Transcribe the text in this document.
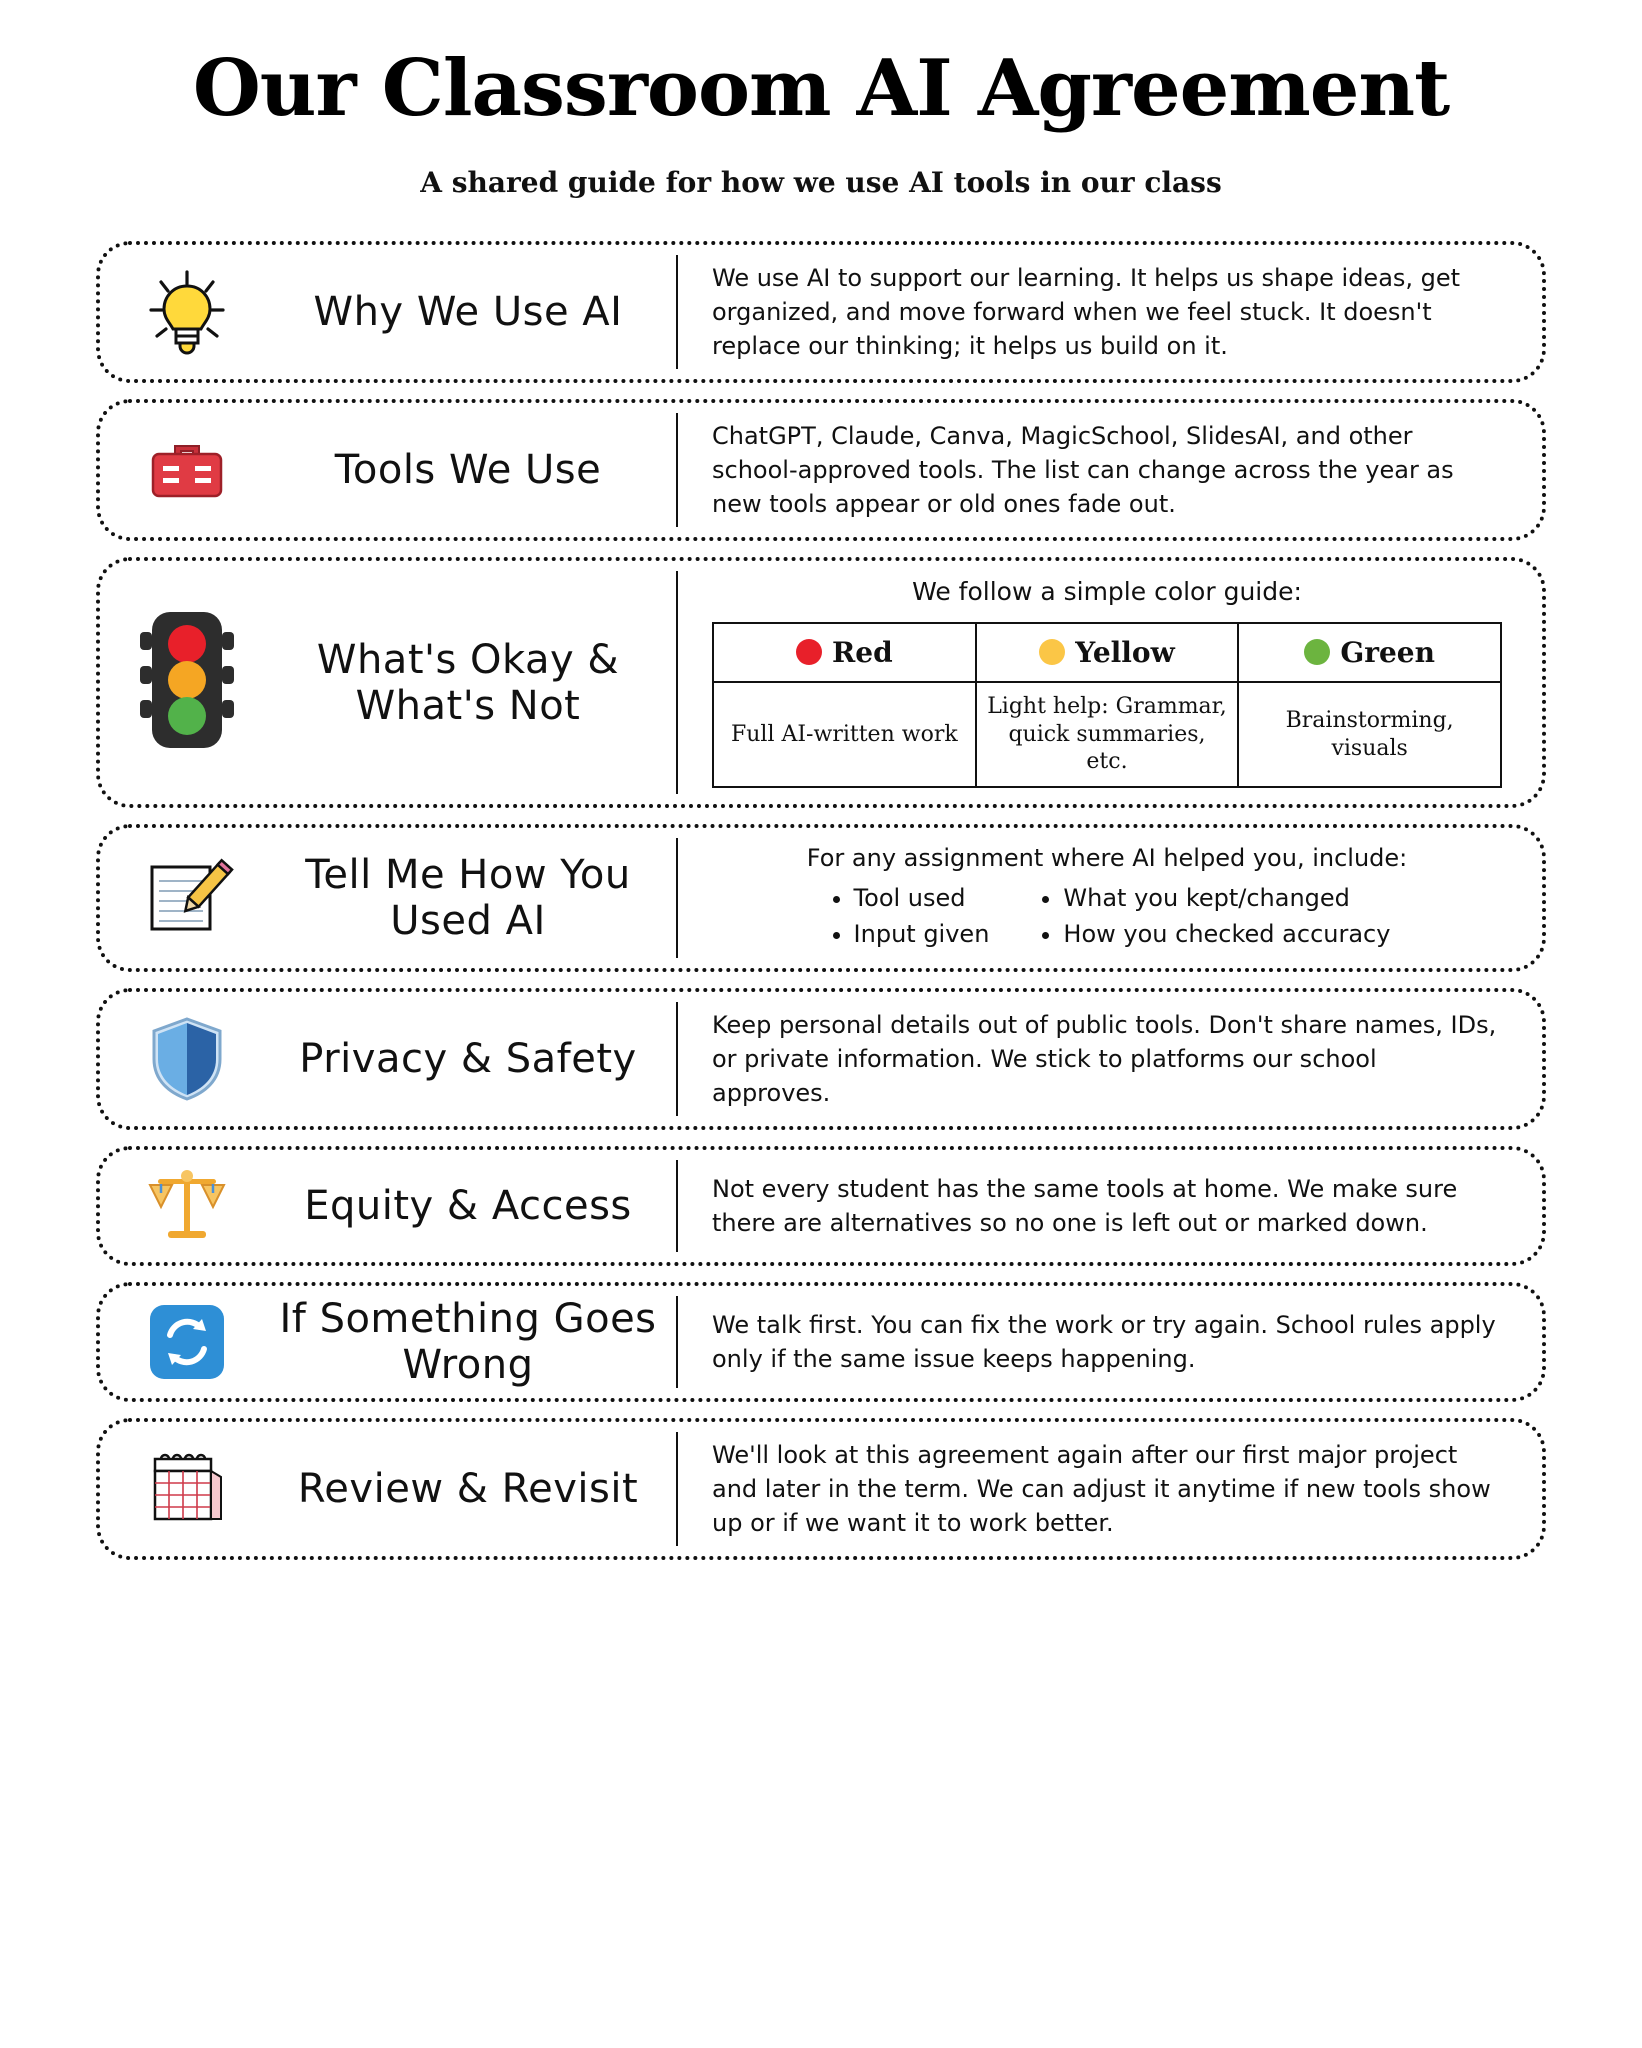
Our Classroom AI Agreement

A shared guide for how we use AI tools in our class

Why We Use AI
We use AI to support our learning. It helps us shape ideas, get organized, and move forward when we feel stuck. It doesn't replace our thinking; it helps us build on it.
Tools We Use
ChatGPT, Claude, Canva, MagicSchool, SlidesAI, and other school-approved tools. The list can change across the year as new tools appear or old ones fade out.
What's Okay & What's Not
We follow a simple color guide:
Red	Yellow	Green
Full AI-written work	Light help: Grammar, quick summaries, etc.	Brainstorming, visuals
Tell Me How You Used AI
For any assignment where AI helped you, include:
• Tool used
• Input given
• What you kept/changed
• How you checked accuracy
Privacy & Safety
Keep personal details out of public tools. Don't share names, IDs, or private information. We stick to platforms our school approves.
Equity & Access	Not every student has the same tools at home. We make sure there are alternatives so no one is left out or marked down.
If Something Goes Wrong
We talk first. You can fix the work or try again. School rules apply only if the same issue keeps happening.
Review & Revisit
We'll look at this agreement again after our first major project and later in the term. We can adjust it anytime if new tools show up or if we want it to work better.
